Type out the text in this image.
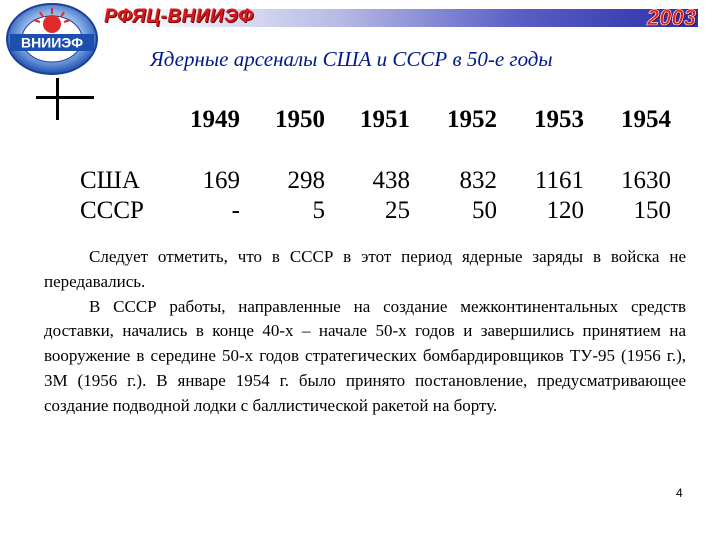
ВНИИЭФ
РФЯЦ-ВНИИЭФ	2003
Ядерные арсеналы США и СССР в 50-е годы
1949	1950	1951	1952	1953	1954
США	169	298	438	832	1161	1630
СССР	-	5	25	50	120	150

Следует отметить, что в СССР в этот период ядерные заряды в войска не передавались.

В СССР работы, направленные на создание межконтинентальных средств доставки, начались в конце 40-х – начале 50-х годов и завершились принятием на вооружение в середине 50-х годов стратегических бомбардировщиков ТУ-95 (1956 г.), 3М (1956 г.). В январе 1954 г. было принято постановление, предусматривающее создание подводной лодки с баллистической ракетой на борту.

4
